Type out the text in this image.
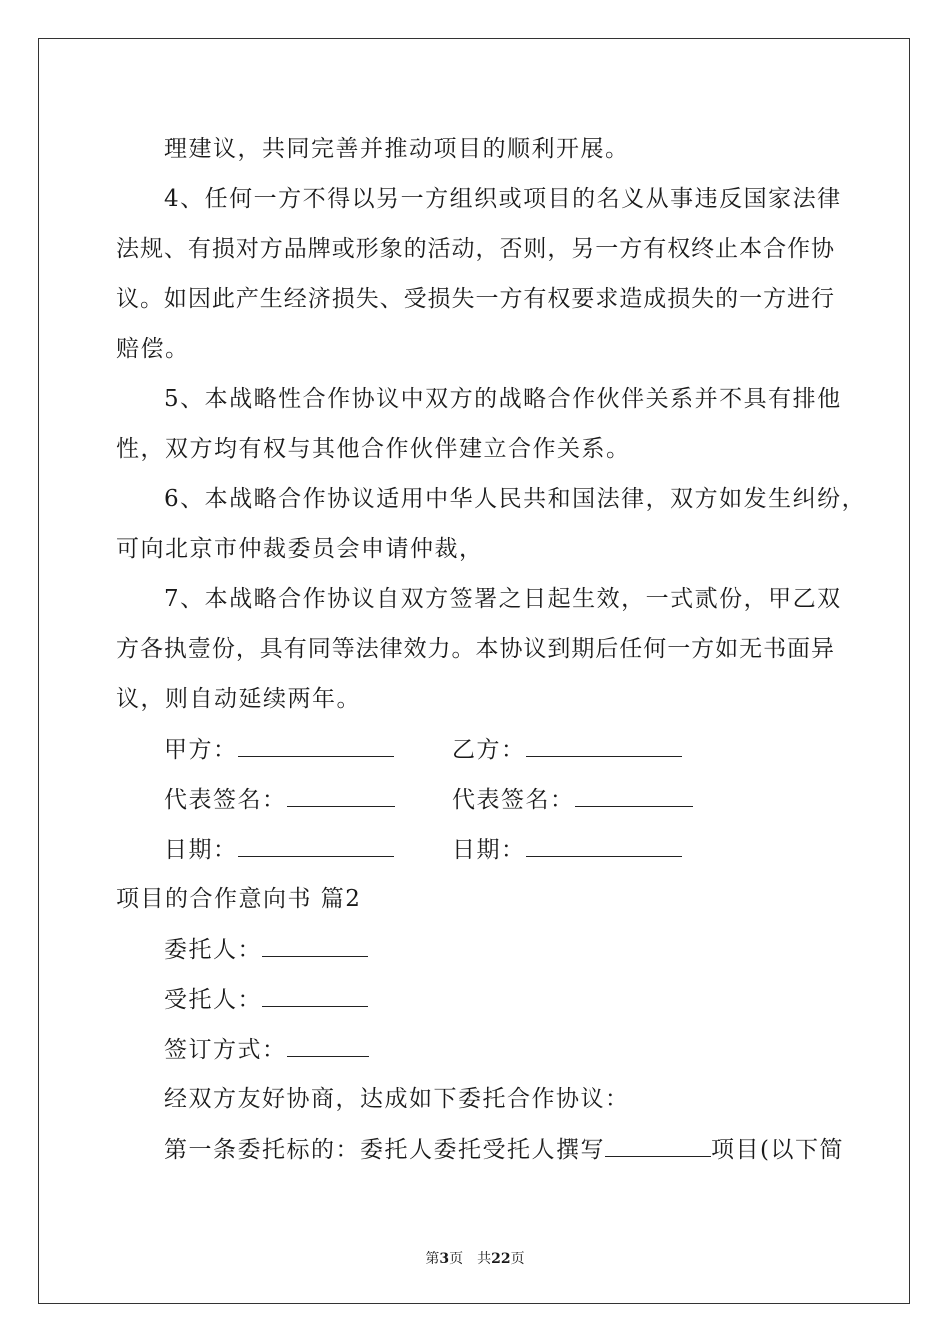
理建议，共同完善并推动项目的顺利开展。
4、任何一方不得以另一方组织或项目的名义从事违反国家法律
法规、有损对方品牌或形象的活动，否则，另一方有权终止本合作协
议。如因此产生经济损失、受损失一方有权要求造成损失的一方进行
赔偿。
5、本战略性合作协议中双方的战略合作伙伴关系并不具有排他
性，双方均有权与其他合作伙伴建立合作关系。
6、本战略合作协议适用中华人民共和国法律，双方如发生纠纷，
可向北京市仲裁委员会申请仲裁，
7、本战略合作协议自双方签署之日起生效，一式贰份，甲乙双
方各执壹份，具有同等法律效力。本协议到期后任何一方如无书面异
议，则自动延续两年。
甲方：	乙方：
代表签名：	代表签名：
日期：	日期：
项目的合作意向书 篇2
委托人：
受托人：
签订方式：
经双方友好协商，达成如下委托合作协议：
第一条委托标的：委托人委托受托人撰写	项目(以下简
第3页　共22页
